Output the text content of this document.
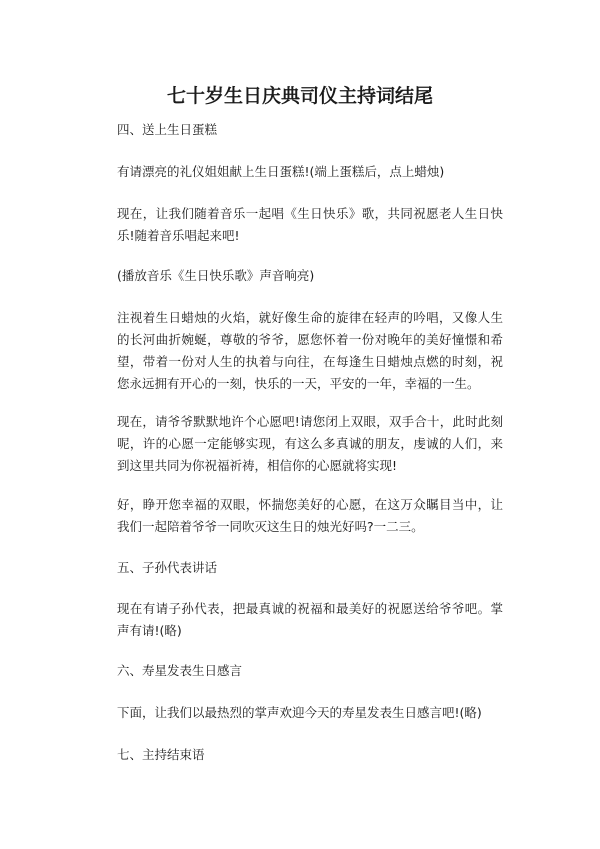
七十岁生日庆典司仪主持词结尾

四、送上生日蛋糕

有请漂亮的礼仪姐姐献上生日蛋糕!(端上蛋糕后，点上蜡烛)

现在，让我们随着音乐一起唱《生日快乐》歌，共同祝愿老人生日快乐!随着音乐唱起来吧!

(播放音乐《生日快乐歌》声音响亮)

注视着生日蜡烛的火焰，就好像生命的旋律在轻声的吟唱，又像人生的长河曲折婉蜒，尊敬的爷爷，愿您怀着一份对晚年的美好憧憬和希望，带着一份对人生的执着与向往，在每逢生日蜡烛点燃的时刻，祝您永远拥有开心的一刻，快乐的一天，平安的一年，幸福的一生。

现在，请爷爷默默地许个心愿吧!请您闭上双眼，双手合十，此时此刻呢，许的心愿一定能够实现，有这么多真诚的朋友，虔诚的人们，来到这里共同为你祝福祈祷，相信你的心愿就将实现!

好，睁开您幸福的双眼，怀揣您美好的心愿，在这万众瞩目当中，让我们一起陪着爷爷一同吹灭这生日的烛光好吗?一二三。

五、子孙代表讲话

现在有请子孙代表，把最真诚的祝福和最美好的祝愿送给爷爷吧。掌声有请!(略)

六、寿星发表生日感言

下面，让我们以最热烈的掌声欢迎今天的寿星发表生日感言吧!(略)

七、主持结束语
